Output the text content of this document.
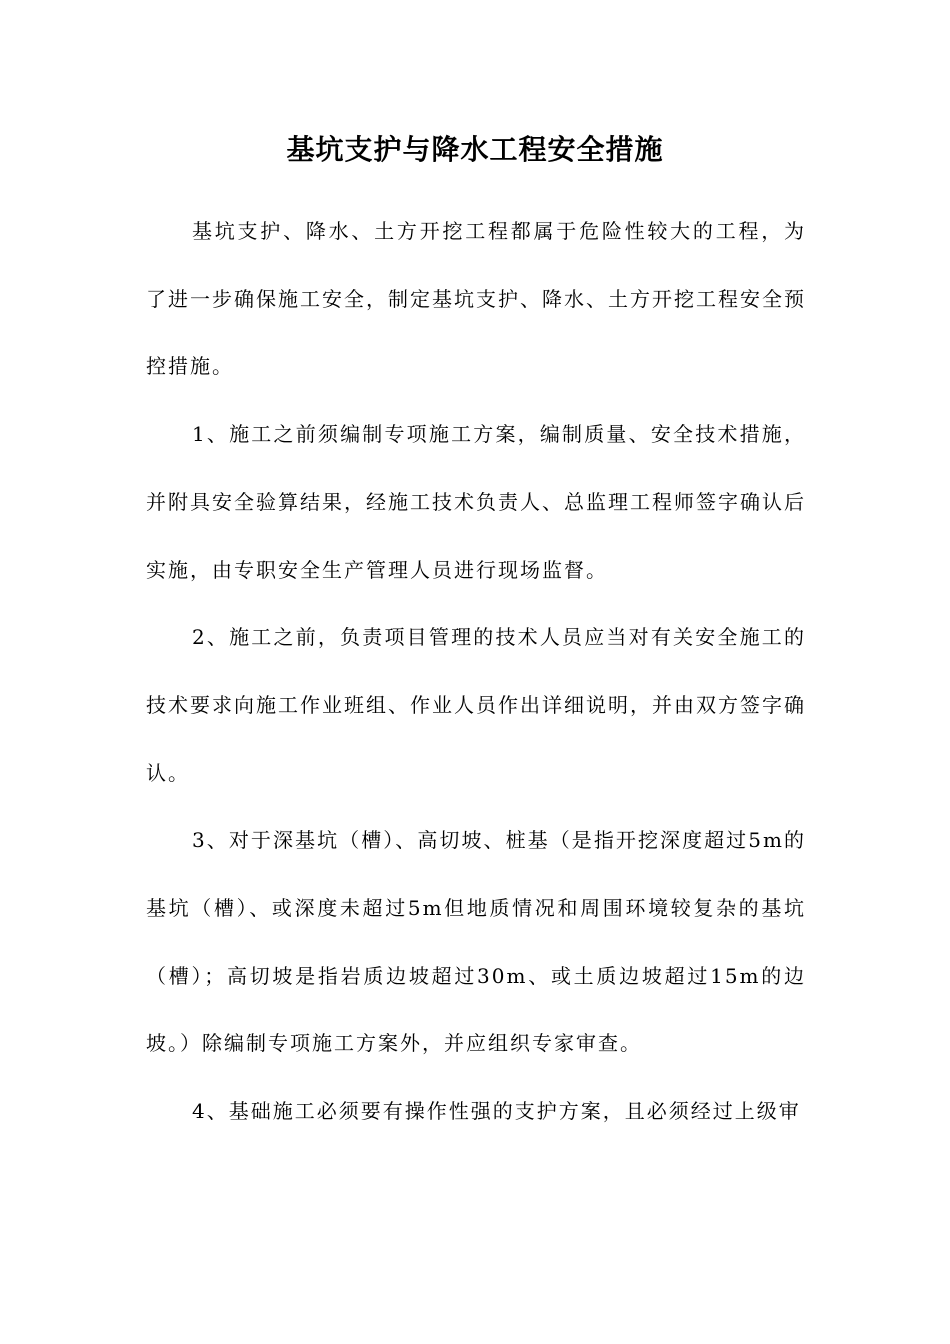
基坑支护与降水工程安全措施

基坑支护、降水、土方开挖工程都属于危险性较大的工程，为了进一步确保施工安全，制定基坑支护、降水、土方开挖工程安全预控措施。

1、施工之前须编制专项施工方案，编制质量、安全技术措施，并附具安全验算结果，经施工技术负责人、总监理工程师签字确认后实施，由专职安全生产管理人员进行现场监督。

2、施工之前，负责项目管理的技术人员应当对有关安全施工的技术要求向施工作业班组、作业人员作出详细说明，并由双方签字确认。

3、对于深基坑（槽）、高切坡、桩基（是指开挖深度超过5m的基坑（槽）、或深度未超过5m但地质情况和周围环境较复杂的基坑（槽）；高切坡是指岩质边坡超过30m、或土质边坡超过15m的边坡。）除编制专项施工方案外，并应组织专家审查。

4、基础施工必须要有操作性强的支护方案，且必须经过上级审
